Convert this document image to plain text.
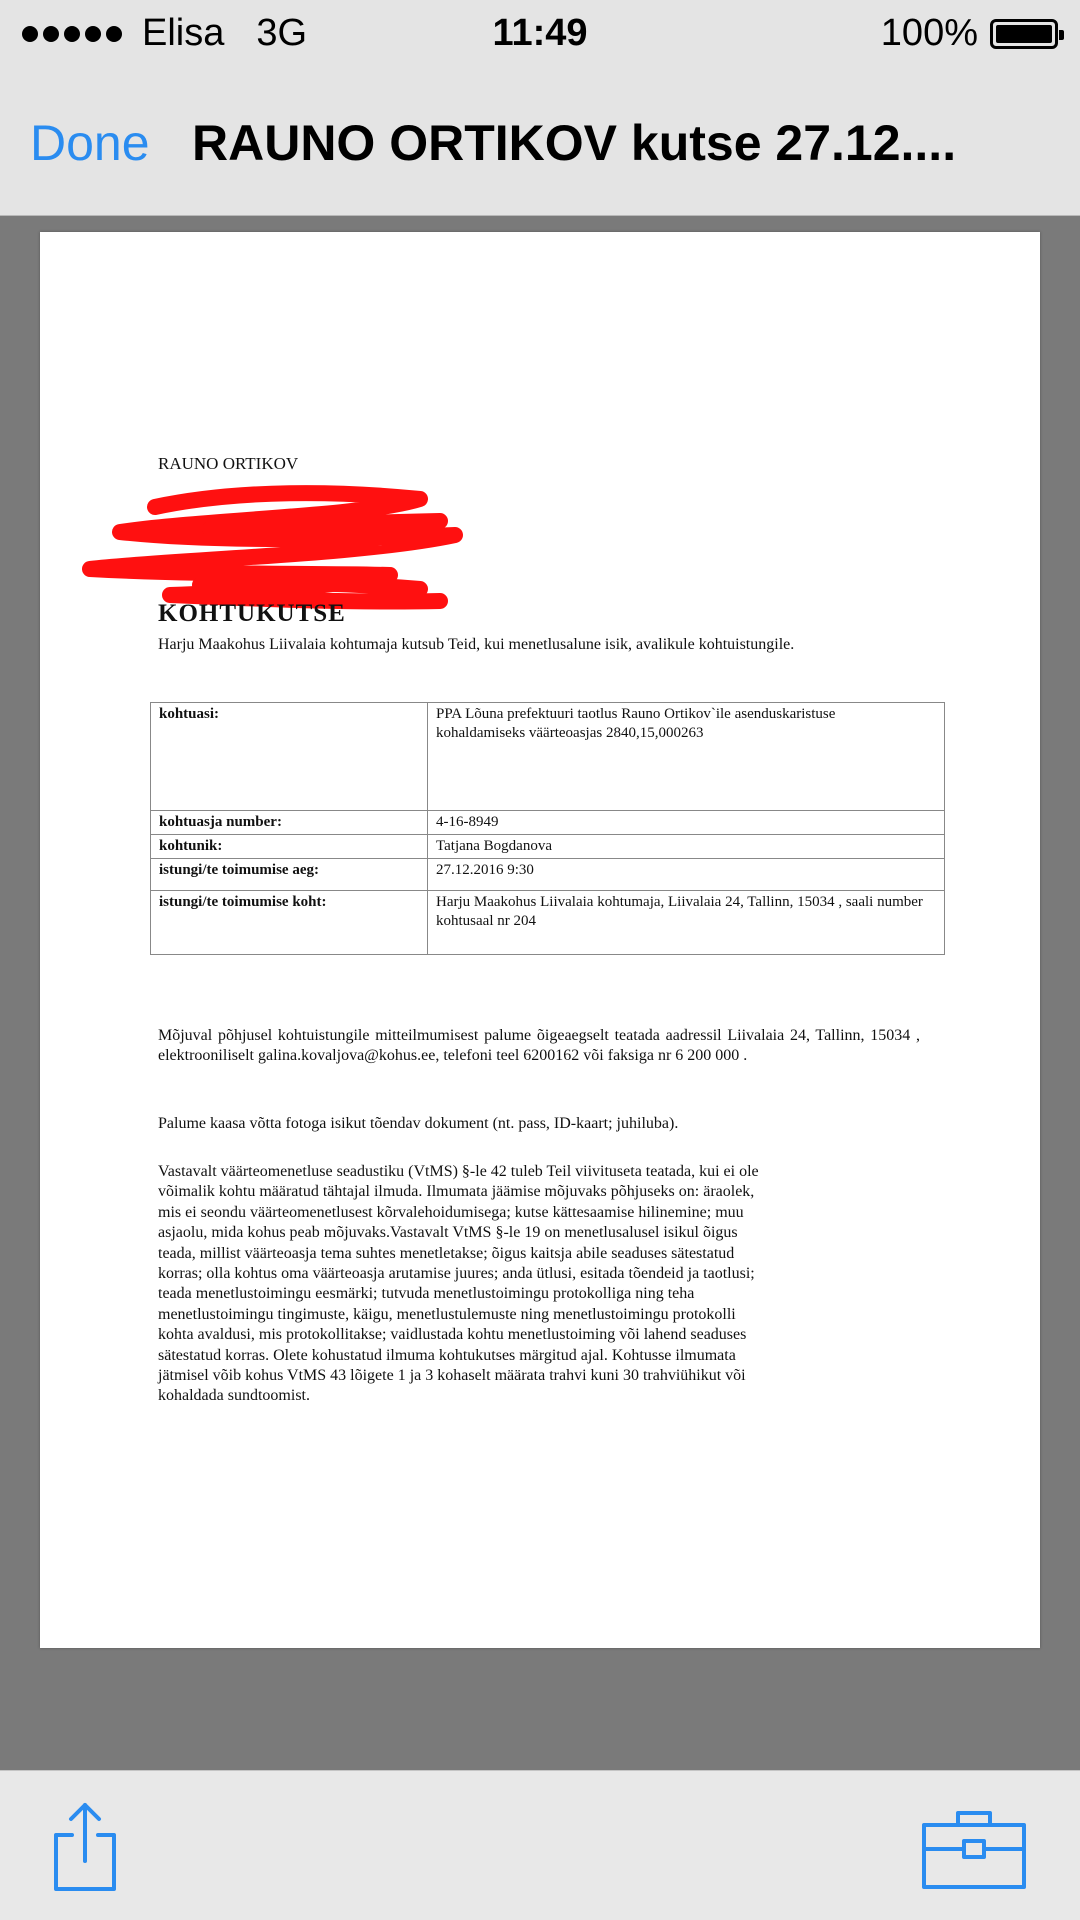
Elisa 3G	11:49	100%
Done RAUNO ORTIKOV kutse 27.12....
RAUNO ORTIKOV
KOHTUKUTSE
Harju Maakohus Liivalaia kohtumaja kutsub Teid, kui menetlusalune isik, avalikule kohtuistungile.
kohtuasi:	PPA Lõuna prefektuuri taotlus Rauno Ortikov`ile asenduskaristuse kohaldamiseks väärteoasjas 2840,15,000263
kohtuasja number:	4-16-8949
kohtunik:	Tatjana Bogdanova
istungi/te toimumise aeg:	27.12.2016 9:30
istungi/te toimumise koht:	Harju Maakohus Liivalaia kohtumaja, Liivalaia 24, Tallinn, 15034 , saali number kohtusaal nr 204
Mõjuval põhjusel kohtuistungile mitteilmumisest palume õigeaegselt teatada aadressil Liivalaia 24, Tallinn, 15034 , elektrooniliselt galina.kovaljova@kohus.ee, telefoni teel 6200162 või faksiga nr 6 200 000 .
Palume kaasa võtta fotoga isikut tõendav dokument (nt. pass, ID-kaart; juhiluba).
Vastavalt väärteomenetluse seadustiku (VtMS) §-le 42 tuleb Teil viivituseta teatada, kui ei ole
võimalik kohtu määratud tähtajal ilmuda. Ilmumata jäämise mõjuvaks põhjuseks on: äraolek,
mis ei seondu väärteomenetlusest kõrvalehoidumisega; kutse kättesaamise hilinemine; muu
asjaolu, mida kohus peab mõjuvaks.Vastavalt VtMS §-le 19 on menetlusalusel isikul õigus
teada, millist väärteoasja tema suhtes menetletakse; õigus kaitsja abile seaduses sätestatud
korras; olla kohtus oma väärteoasja arutamise juures; anda ütlusi, esitada tõendeid ja taotlusi;
teada menetlustoimingu eesmärki; tutvuda menetlustoimingu protokolliga ning teha
menetlustoimingu tingimuste, käigu, menetlustulemuste ning menetlustoimingu protokolli
kohta avaldusi, mis protokollitakse; vaidlustada kohtu menetlustoiming või lahend seaduses
sätestatud korras. Olete kohustatud ilmuma kohtukutses märgitud ajal. Kohtusse ilmumata
jätmisel võib kohus VtMS 43 lõigete 1 ja 3 kohaselt määrata trahvi kuni 30 trahviühikut või
kohaldada sundtoomist.
